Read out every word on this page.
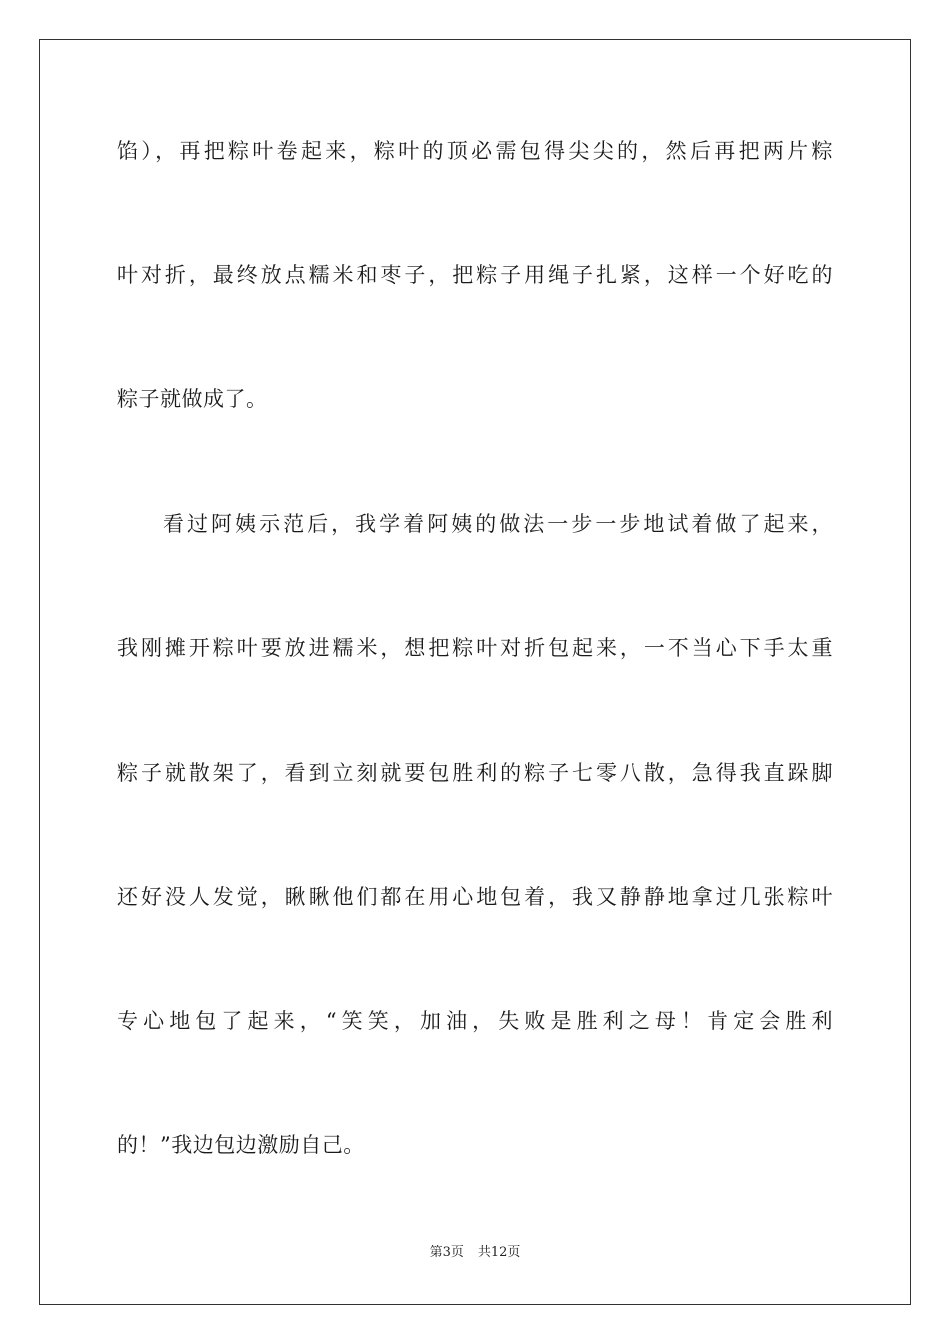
馅），再把粽叶卷起来，粽叶的顶必需包得尖尖的，然后再把两片粽
叶对折，最终放点糯米和枣子，把粽子用绳子扎紧，这样一个好吃的
粽子就做成了。
看过阿姨示范后，我学着阿姨的做法一步一步地试着做了起来，
我刚摊开粽叶要放进糯米，想把粽叶对折包起来，一不当心下手太重
粽子就散架了，看到立刻就要包胜利的粽子七零八散，急得我直跺脚
还好没人发觉，瞅瞅他们都在用心地包着，我又静静地拿过几张粽叶
专心地包了起来，“笑笑，加油，失败是胜利之母！肯定会胜利
的！”我边包边激励自己。
第3页 共12页
